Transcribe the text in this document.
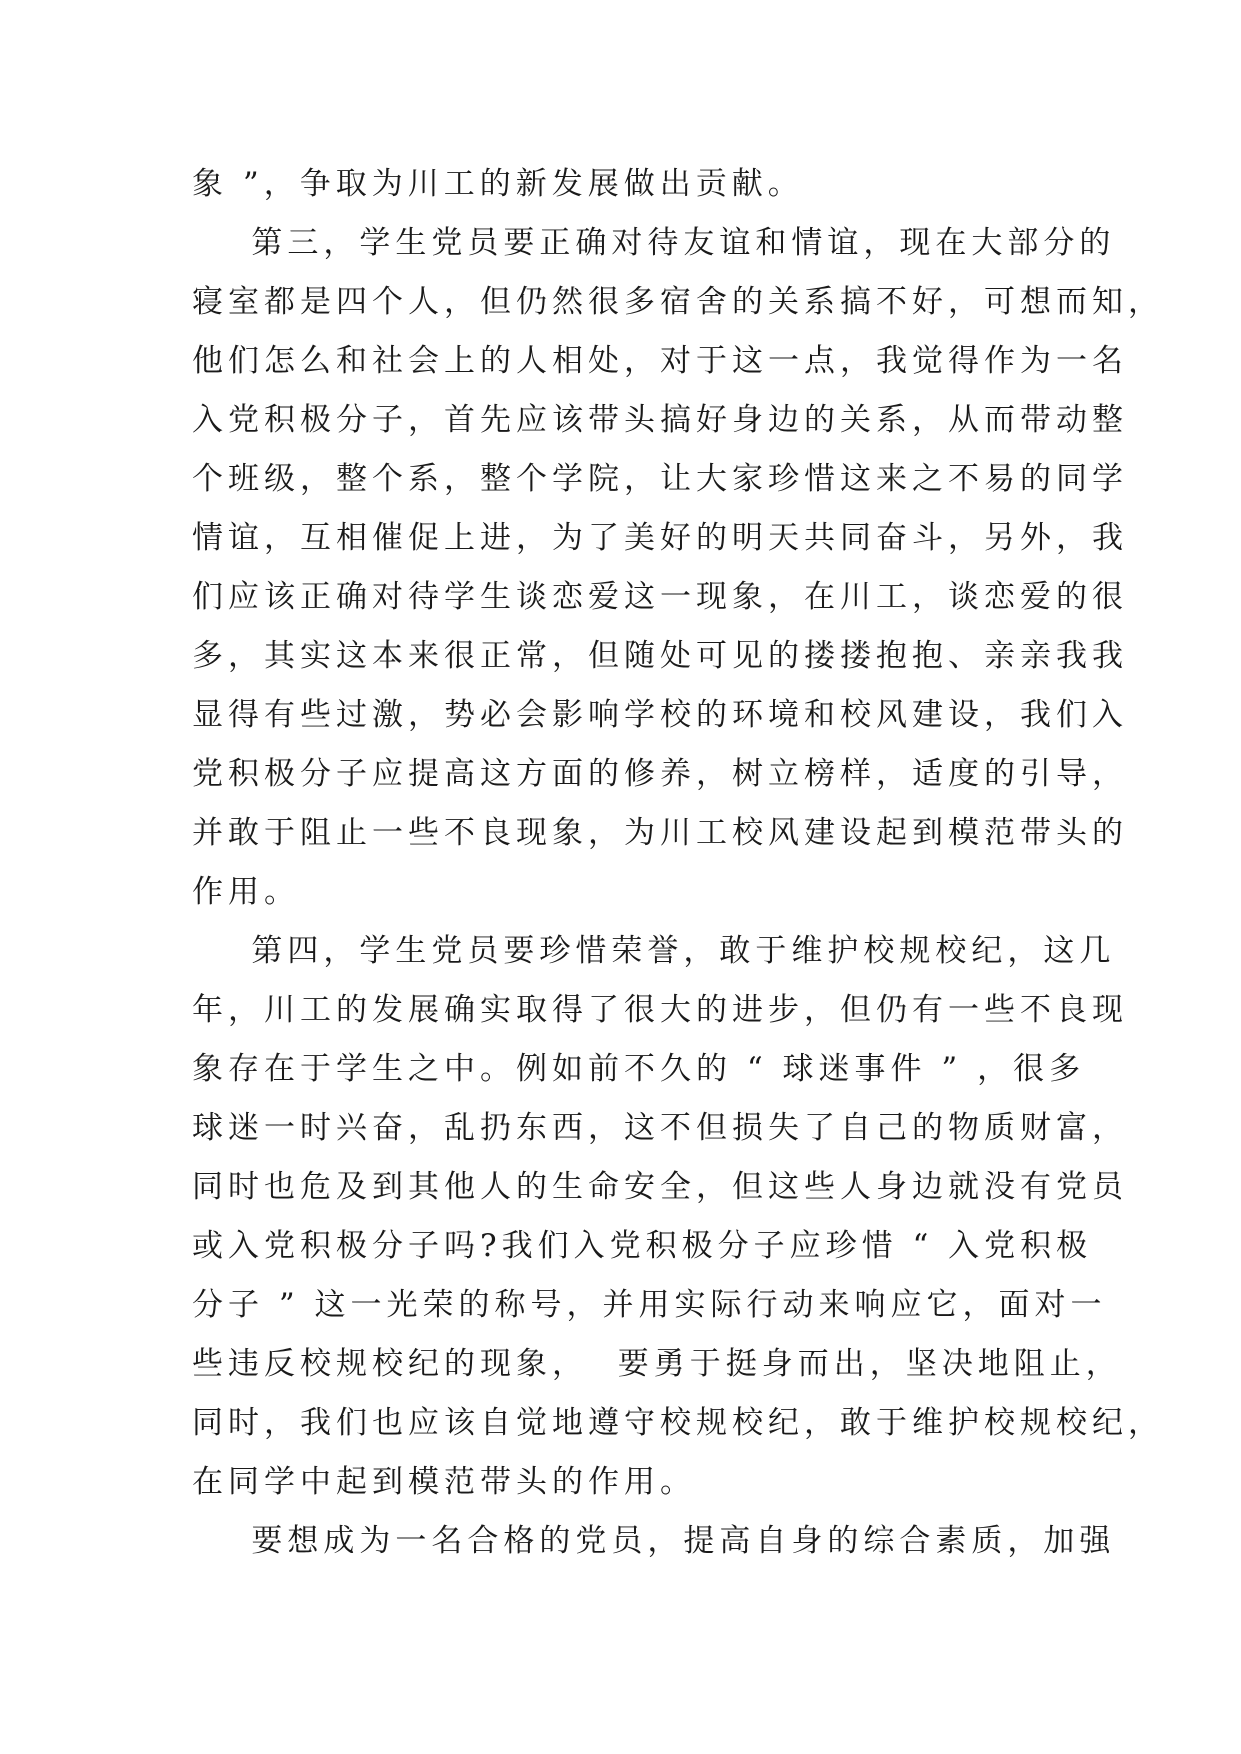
象 ”，争取为川工的新发展做出贡献。
第三，学生党员要正确对待友谊和情谊，现在大部分的
寝室都是四个人，但仍然很多宿舍的关系搞不好，可想而知，
他们怎么和社会上的人相处，对于这一点，我觉得作为一名
入党积极分子，首先应该带头搞好身边的关系，从而带动整
个班级，整个系，整个学院，让大家珍惜这来之不易的同学
情谊，互相催促上进，为了美好的明天共同奋斗，另外，我
们应该正确对待学生谈恋爱这一现象，在川工，谈恋爱的很
多，其实这本来很正常，但随处可见的搂搂抱抱、亲亲我我
显得有些过激，势必会影响学校的环境和校风建设，我们入
党积极分子应提高这方面的修养，树立榜样，适度的引导，
并敢于阻止一些不良现象，为川工校风建设起到模范带头的
作用。
第四，学生党员要珍惜荣誉，敢于维护校规校纪，这几
年，川工的发展确实取得了很大的进步，但仍有一些不良现
象存在于学生之中。例如前不久的 “ 球迷事件 ” ，很多
球迷一时兴奋，乱扔东西，这不但损失了自己的物质财富，
同时也危及到其他人的生命安全，但这些人身边就没有党员
或入党积极分子吗?我们入党积极分子应珍惜 “ 入党积极
分子 ” 这一光荣的称号，并用实际行动来响应它，面对一
些违反校规校纪的现象，  要勇于挺身而出，坚决地阻止，
同时，我们也应该自觉地遵守校规校纪，敢于维护校规校纪，
在同学中起到模范带头的作用。
要想成为一名合格的党员，提高自身的综合素质，加强
